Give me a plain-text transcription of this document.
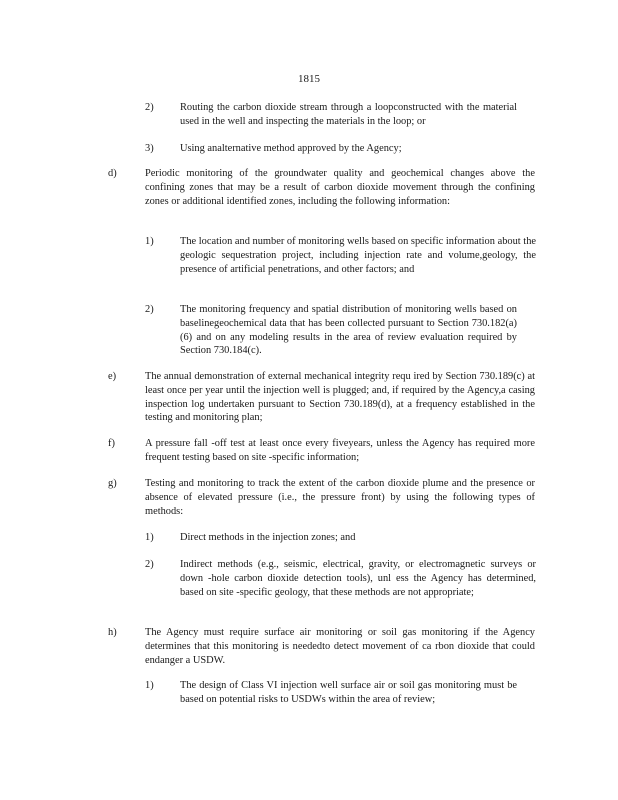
1815
2)	Routing the carbon dioxide stream through a loopconstructed with the material used in the well and inspecting the materials in the loop; or
3)	Using analternative method approved by the Agency;
d)	Periodic monitoring of the groundwater quality and geochemical changes above the confining zones that may be a result of carbon dioxide movement through the confining zones or additional identified zones, including the following information:
1)	The location and number of monitoring wells based on specific information about the geologic sequestration project, including injection rate and volume,geology, the presence of artificial penetrations, and other factors; and
2)	The monitoring frequency and spatial distribution of monitoring wells based on baselinegeochemical data that has been collected pursuant to Section 730.182(a)(6) and on any modeling results in the area of review evaluation required by Section 730.184(c).
e)	The annual demonstration of external mechanical integrity requ ired by Section 730.189(c) at least once per year until the injection well is plugged; and, if required by the Agency,a casing inspection log undertaken pursuant to Section 730.189(d), at a frequency established in the testing and monitoring plan;
f)	A pressure fall -off test at least once every fiveyears, unless the Agency has required more frequent testing based on site -specific information;
g)	Testing and monitoring to track the extent of the carbon dioxide plume and the presence or absence of elevated pressure (i.e., the pressure front) by using the following types of methods:
1)	Direct methods in the injection zones; and
2)	Indirect methods (e.g., seismic, electrical, gravity, or electromagnetic surveys or down -hole carbon dioxide detection tools), unl ess the Agency has determined, based on site -specific geology, that these methods are not appropriate;
h)	The Agency must require surface air monitoring or soil gas monitoring if the Agency determines that this monitoring is neededto detect movement of ca rbon dioxide that could endanger a USDW.
1)	The design of Class VI injection well surface air or soil gas monitoring must be based on potential risks to USDWs within the area of review;
